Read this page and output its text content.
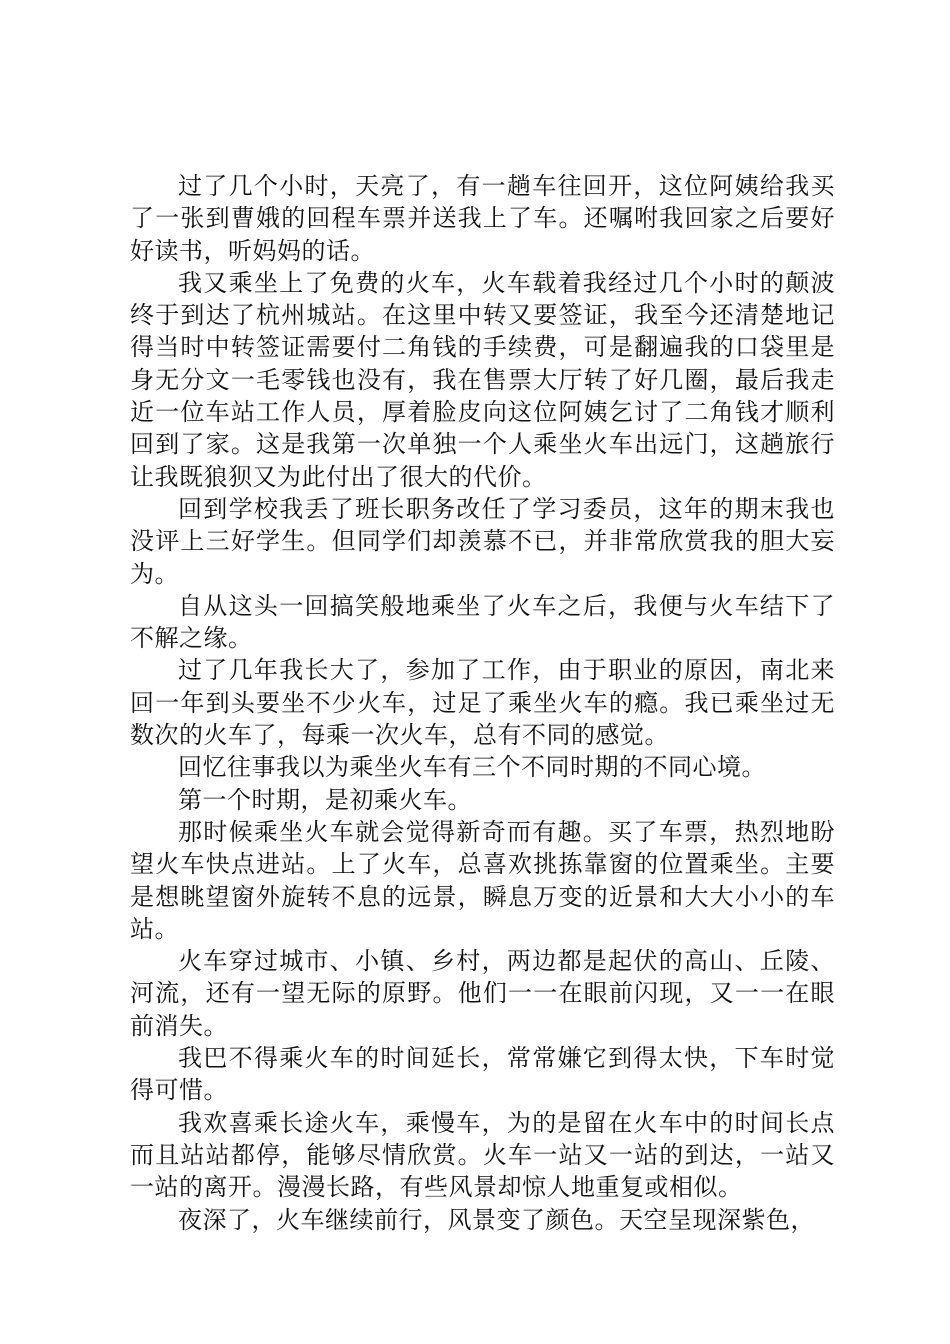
过了几个小时，天亮了，有一趟车往回开，这位阿姨给我买了一张到曹娥的回程车票并送我上了车。还嘱咐我回家之后要好好读书，听妈妈的话。

我又乘坐上了免费的火车，火车载着我经过几个小时的颠波终于到达了杭州城站。在这里中转又要签证，我至今还清楚地记得当时中转签证需要付二角钱的手续费，可是翻遍我的口袋里是身无分文一毛零钱也没有，我在售票大厅转了好几圈，最后我走近一位车站工作人员，厚着脸皮向这位阿姨乞讨了二角钱才顺利回到了家。这是我第一次单独一个人乘坐火车出远门，这趟旅行让我既狼狈又为此付出了很大的代价。

回到学校我丢了班长职务改任了学习委员，这年的期末我也没评上三好学生。但同学们却羡慕不已，并非常欣赏我的胆大妄为。

自从这头一回搞笑般地乘坐了火车之后，我便与火车结下了不解之缘。

过了几年我长大了，参加了工作，由于职业的原因，南北来回一年到头要坐不少火车，过足了乘坐火车的瘾。我已乘坐过无数次的火车了，每乘一次火车，总有不同的感觉。

回忆往事我以为乘坐火车有三个不同时期的不同心境。

第一个时期，是初乘火车。

那时候乘坐火车就会觉得新奇而有趣。买了车票，热烈地盼望火车快点进站。上了火车，总喜欢挑拣靠窗的位置乘坐。主要是想眺望窗外旋转不息的远景，瞬息万变的近景和大大小小的车站。

火车穿过城市、小镇、乡村，两边都是起伏的高山、丘陵、河流，还有一望无际的原野。他们一一在眼前闪现，又一一在眼前消失。

我巴不得乘火车的时间延长，常常嫌它到得太快，下车时觉得可惜。

我欢喜乘长途火车，乘慢车，为的是留在火车中的时间长点而且站站都停，能够尽情欣赏。火车一站又一站的到达，一站又一站的离开。漫漫长路，有些风景却惊人地重复或相似。

夜深了，火车继续前行，风景变了颜色。天空呈现深紫色，
